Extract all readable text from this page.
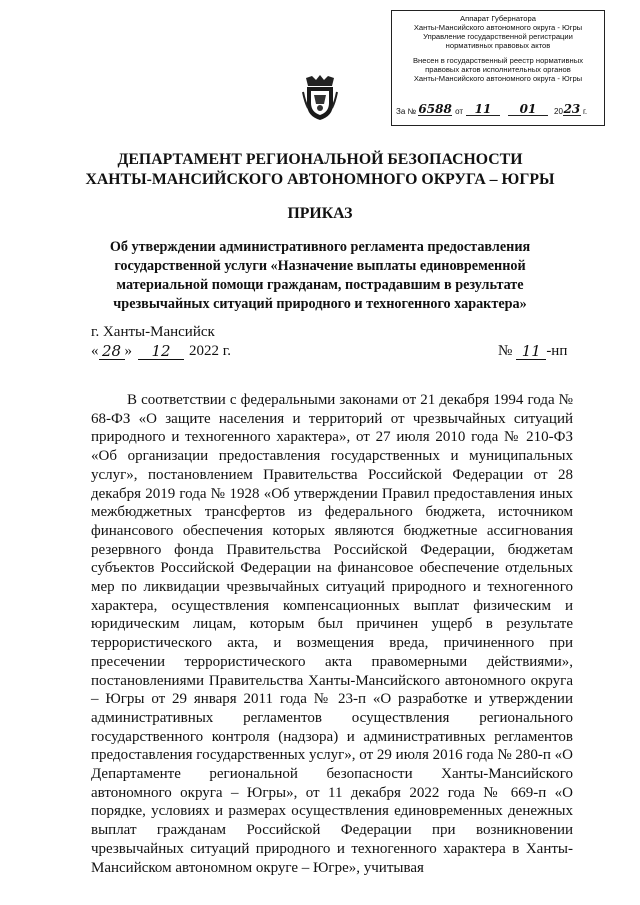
Аппарат Губернатора
Ханты-Мансийского автономного округа - Югры
Управление государственной регистрации
нормативных правовых актов
Внесен в государственный реестр нормативных
правовых актов исполнительных органов
Ханты-Мансийского автономного округа - Югры
За № 6588 от 11	01	20 23 г.
ДЕПАРТАМЕНТ РЕГИОНАЛЬНОЙ БЕЗОПАСНОСТИ
ХАНТЫ-МАНСИЙСКОГО АВТОНОМНОГО ОКРУГА – ЮГРЫ
ПРИКАЗ
Об утверждении административного регламента предоставления государственной услуги «Назначение выплаты единовременной материальной помощи гражданам, пострадавшим в результате чрезвычайных ситуаций природного и техногенного характера»
г. Ханты-Мансийск
« 28 »	12	2022 г.	№ 11 -нп
В соответствии с федеральными законами от 21 декабря 1994 года № 68-ФЗ «О защите населения и территорий от чрезвычайных ситуаций природного и техногенного характера», от 27 июля 2010 года № 210-ФЗ «Об организации предоставления государственных и муниципальных услуг», постановлением Правительства Российской Федерации от 28 декабря 2019 года № 1928 «Об утверждении Правил предоставления иных межбюджетных трансфертов из федерального бюджета, источником финансового обеспечения которых являются бюджетные ассигнования резервного фонда Правительства Российской Федерации, бюджетам субъектов Российской Федерации на финансовое обеспечение отдельных мер по ликвидации чрезвычайных ситуаций природного и техногенного характера, осуществления компенсационных выплат физическим и юридическим лицам, которым был причинен ущерб в результате террористического акта, и возмещения вреда, причиненного при пресечении террористического акта правомерными действиями», постановлениями Правительства Ханты-Мансийского автономного округа – Югры от 29 января 2011 года № 23-п «О разработке и утверждении административных регламентов осуществления регионального государственного контроля (надзора) и административных регламентов предоставления государственных услуг», от 29 июля 2016 года № 280-п «О Департаменте региональной безопасности Ханты-Мансийского автономного округа – Югры», от 11 декабря 2022 года № 669-п «О порядке, условиях и размерах осуществления единовременных денежных выплат гражданам Российской Федерации при возникновении чрезвычайных ситуаций природного и техногенного характера в Ханты-Мансийском автономном округе – Югре», учитывая
